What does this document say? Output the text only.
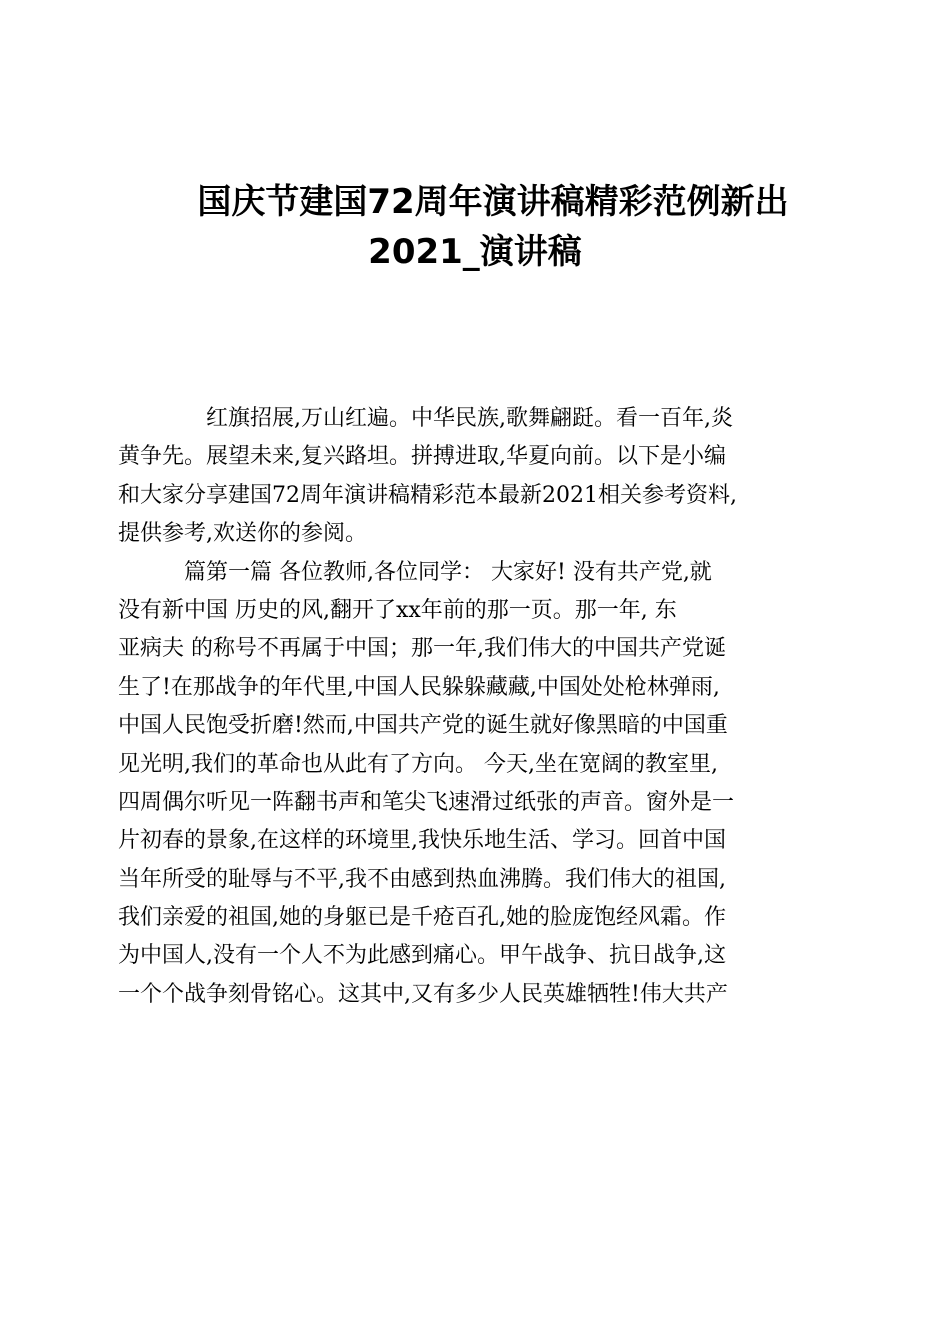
国庆节建国72周年演讲稿精彩范例新出
2021_演讲稿
红旗招展,万山红遍。中华民族,歌舞翩跹。看一百年,炎
黄争先。展望未来,复兴路坦。拼搏进取,华夏向前。以下是小编
和大家分享建国72周年演讲稿精彩范本最新2021相关参考资料,
提供参考,欢送你的参阅。
篇第一篇 各位教师,各位同学： 大家好! 没有共产党,就
没有新中国 历史的风,翻开了xx年前的那一页。那一年, 东
亚病夫 的称号不再属于中国；那一年,我们伟大的中国共产党诞
生了!在那战争的年代里,中国人民躲躲藏藏,中国处处枪林弹雨,
中国人民饱受折磨!然而,中国共产党的诞生就好像黑暗的中国重
见光明,我们的革命也从此有了方向。 今天,坐在宽阔的教室里,
四周偶尔听见一阵翻书声和笔尖飞速滑过纸张的声音。窗外是一
片初春的景象,在这样的环境里,我快乐地生活、学习。回首中国
当年所受的耻辱与不平,我不由感到热血沸腾。我们伟大的祖国,
我们亲爱的祖国,她的身躯已是千疮百孔,她的脸庞饱经风霜。作
为中国人,没有一个人不为此感到痛心。甲午战争、抗日战争,这
一个个战争刻骨铭心。这其中,又有多少人民英雄牺牲!伟大共产
